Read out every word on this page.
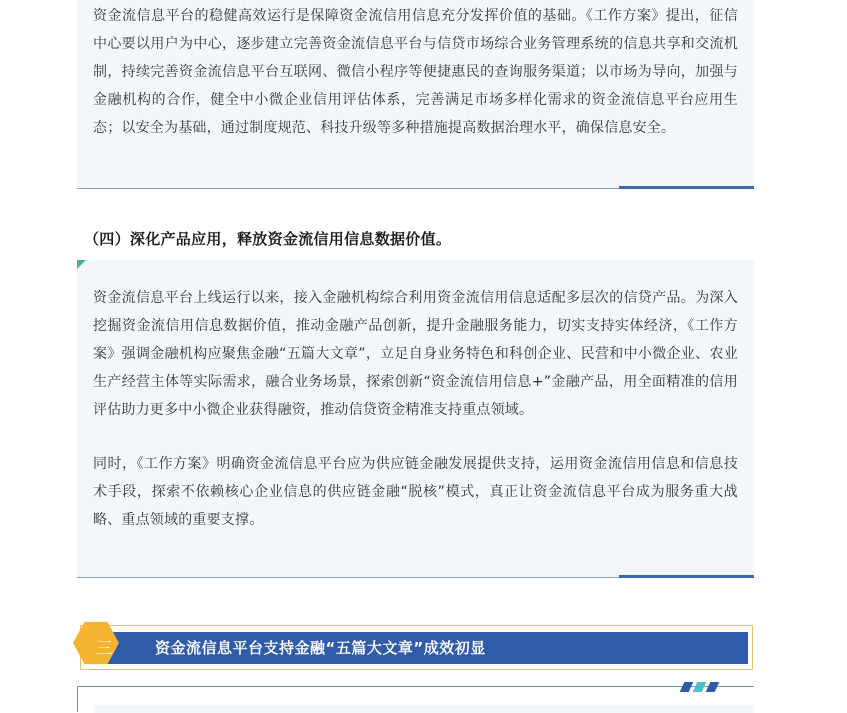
资金流信息平台的稳健高效运行是保障资金流信用信息充分发挥价值的基础。《工作方案》提出，征信中心要以用户为中心，逐步建立完善资金流信息平台与信贷市场综合业务管理系统的信息共享和交流机制，持续完善资金流信息平台互联网、微信小程序等便捷惠民的查询服务渠道；以市场为导向，加强与金融机构的合作，健全中小微企业信用评估体系，完善满足市场多样化需求的资金流信息平台应用生态；以安全为基础，通过制度规范、科技升级等多种措施提高数据治理水平，确保信息安全。

（四）深化产品应用，释放资金流信用信息数据价值。

资金流信息平台上线运行以来，接入金融机构综合利用资金流信用信息适配多层次的信贷产品。为深入挖掘资金流信用信息数据价值，推动金融产品创新，提升金融服务能力，切实支持实体经济，《工作方案》强调金融机构应聚焦金融“五篇大文章”，立足自身业务特色和科创企业、民营和中小微企业、农业生产经营主体等实际需求，融合业务场景，探索创新“资金流信用信息+”金融产品，用全面精准的信用评估助力更多中小微企业获得融资，推动信贷资金精准支持重点领域。

同时，《工作方案》明确资金流信息平台应为供应链金融发展提供支持，运用资金流信用信息和信息技术手段，探索不依赖核心企业信息的供应链金融“脱核”模式，真正让资金流信息平台成为服务重大战略、重点领域的重要支撑。

资金流信息平台支持金融“五篇大文章”成效初显
三
